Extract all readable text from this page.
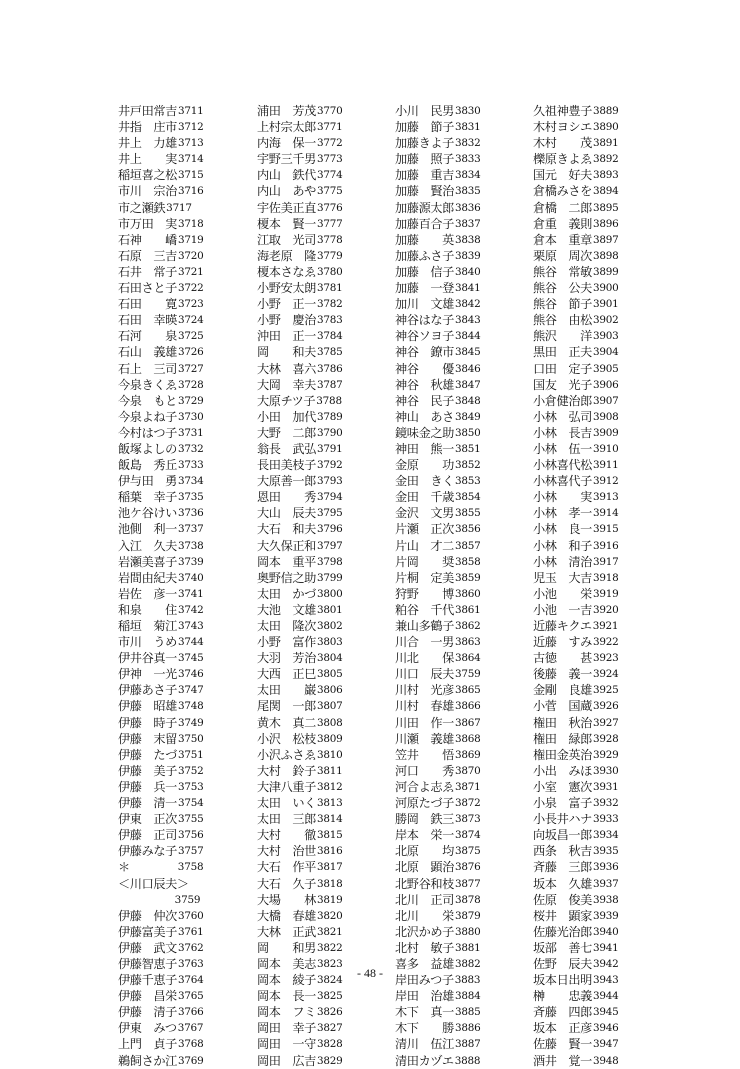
井戸田常吉3711
井指　庄市3712
井上　力雄3713
井上　　実3714
稲垣喜之松3715
市川　宗治3716
市之瀬鉄3717
市万田　実3718
石神　　嶠3719
石原　三吉3720
石井　常子3721
石田さと子3722
石田　　寛3723
石田　幸暎3724
石河　　泉3725
石山　義雄3726
石上　三司3727
今泉きくゑ3728
今泉　もと3729
今泉よね子3730
今村はつ子3731
飯塚よしの3732
飯島　秀丘3733
伊与田　勇3734
稲葉　幸子3735
池ケ谷けい3736
池側　利一3737
入江　久夫3738
岩瀬美喜子3739
岩間由紀夫3740
岩佐　彦一3741
和泉　　住3742
稲垣　菊江3743
市川　うめ3744
伊井谷真一3745
伊神　一光3746
伊藤あさ子3747
伊藤　昭雄3748
伊藤　時子3749
伊藤　末留3750
伊藤　たづ3751
伊藤　美子3752
伊藤　兵一3753
伊藤　清一3754
伊東　正次3755
伊藤　正司3756
伊藤みな子3757
＊	3758
＜川口辰夫＞
3759
伊藤　仲次3760
伊藤富美子3761
伊藤　武文3762
伊藤智恵子3763
伊藤千恵子3764
伊藤　昌栄3765
伊藤　清子3766
伊東　みつ3767
上門　貞子3768
鵜飼さか江3769
浦田　芳茂3770
上村宗太郎3771
内海　保一3772
宇野三千男3773
内山　鉄代3774
内山　あや3775
宇佐美正直3776
榎本　賢一3777
江取　光司3778
海老原　隆3779
榎本さなゑ3780
小野安太朗3781
小野　正一3782
小野　慶治3783
沖田　正一3784
岡　　和夫3785
大林　喜六3786
大岡　幸夫3787
大原チツ子3788
小田　加代3789
大野　二郎3790
翁長　武弘3791
長田美枝子3792
大原善一郎3793
恩田　　秀3794
大山　辰夫3795
大石　和夫3796
大久保正和3797
岡本　重平3798
奥野信之助3799
太田　かづ3800
大池　文雄3801
太田　隆次3802
小野　富作3803
大羽　芳治3804
大西　正巳3805
太田　　巌3806
尾関　一郎3807
黄木　真二3808
小沢　松枝3809
小沢ふさゑ3810
大村　鈴子3811
大津八重子3812
太田　いく3813
太田　三郎3814
大村　　徹3815
大村　治世3816
大石　作平3817
大石　久子3818
大場　　林3819
大橋　春雄3820
大林　正武3821
岡　　和男3822
岡本　美志3823
岡本　綾子3824
岡本　長一3825
岡本　フミ3826
岡田　幸子3827
岡田　一守3828
岡田　広吉3829
小川　民男3830
加藤　節子3831
加藤きよ子3832
加藤　照子3833
加藤　重吉3834
加藤　賢治3835
加藤源太郎3836
加藤百合子3837
加藤　　英3838
加藤ふさ子3839
加藤　信子3840
加藤　一登3841
加川　文雄3842
神谷はな子3843
神谷ソヨ子3844
神谷　鐐市3845
神谷　　優3846
神谷　秋雄3847
神谷　民子3848
神山　あさ3849
鏡味金之助3850
神田　熊一3851
金原　　功3852
金田　きく3853
金田　千歳3854
金沢　文男3855
片瀬　正次3856
片山　才二3857
片岡　　奨3858
片桐　定美3859
狩野　　博3860
粕谷　千代3861
兼山多鶴子3862
川合　一男3863
川北　　保3864
川口　辰夫3759
川村　光彦3865
川村　春雄3866
川田　作一3867
川瀬　義雄3868
笠井　　悟3869
河口　　秀3870
河合よ志ゑ3871
河原たづ子3872
勝岡　鉄三3873
岸本　栄一3874
北原　　均3875
北原　顕治3876
北野谷和枝3877
北川　正司3878
北川　　栄3879
北沢かめ子3880
北村　敏子3881
喜多　益雄3882
岸田みつ子3883
岸田　治雄3884
木下　真一3885
木下　　勝3886
清川　伍江3887
清田カヅエ3888
久祖神豊子3889
木村ヨシエ3890
木村　　茂3891
櫟原きよゑ3892
国元　好夫3893
倉橋みさを3894
倉橋　二郎3895
倉重　義則3896
倉本　重章3897
栗原　周次3898
熊谷　常敏3899
熊谷　公夫3900
熊谷　節子3901
熊谷　由松3902
熊沢　　洋3903
黒田　正夫3904
口田　定子3905
国友　光子3906
小倉健治郎3907
小林　弘司3908
小林　長吉3909
小林　伍一3910
小林喜代松3911
小林喜代子3912
小林　　実3913
小林　孝一3914
小林　良一3915
小林　和子3916
小林　清治3917
児玉　大吉3918
小池　　栄3919
小池　一吉3920
近藤キクエ3921
近藤　すみ3922
古徳　　甚3923
後藤　義一3924
金剛　良雄3925
小菅　国蔵3926
権田　秋治3927
権田　緑郎3928
権田金英治3929
小出　みほ3930
小室　憲次3931
小泉　富子3932
小長井ハナ3933
向坂昌一郎3934
西条　秋吉3935
斉藤　三郎3936
坂本　久雄3937
佐原　俊美3938
桜井　顕家3939
佐藤光治郎3940
坂部　善七3941
佐野　辰夫3942
坂本日出明3943
榊　　忠義3944
斉藤　四郎3945
坂本　正彦3946
佐藤　賢一3947
酒井　覚一3948
- 48 -
